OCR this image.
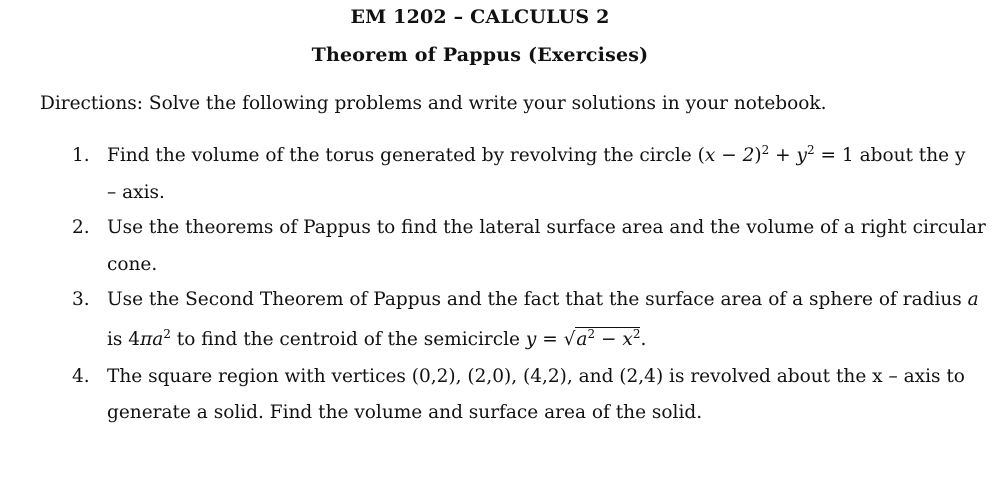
EM 1202 – CALCULUS 2
Theorem of Pappus (Exercises)
Directions: Solve the following problems and write your solutions in your notebook.
1. Find the volume of the torus generated by revolving the circle $(x - 2)^2 + y^2 = 1$ about the y
– axis.
2. Use the theorems of Pappus to find the lateral surface area and the volume of a right circular
cone.
3. Use the Second Theorem of Pappus and the fact that the surface area of a sphere of radius a
is $4\pi a^2$ to find the centroid of the semicircle $y = √a^2 - x^2$.
4. The square region with vertices (0,2), (2,0), (4,2), and (2,4) is revolved about the x – axis to
generate a solid. Find the volume and surface area of the solid.
